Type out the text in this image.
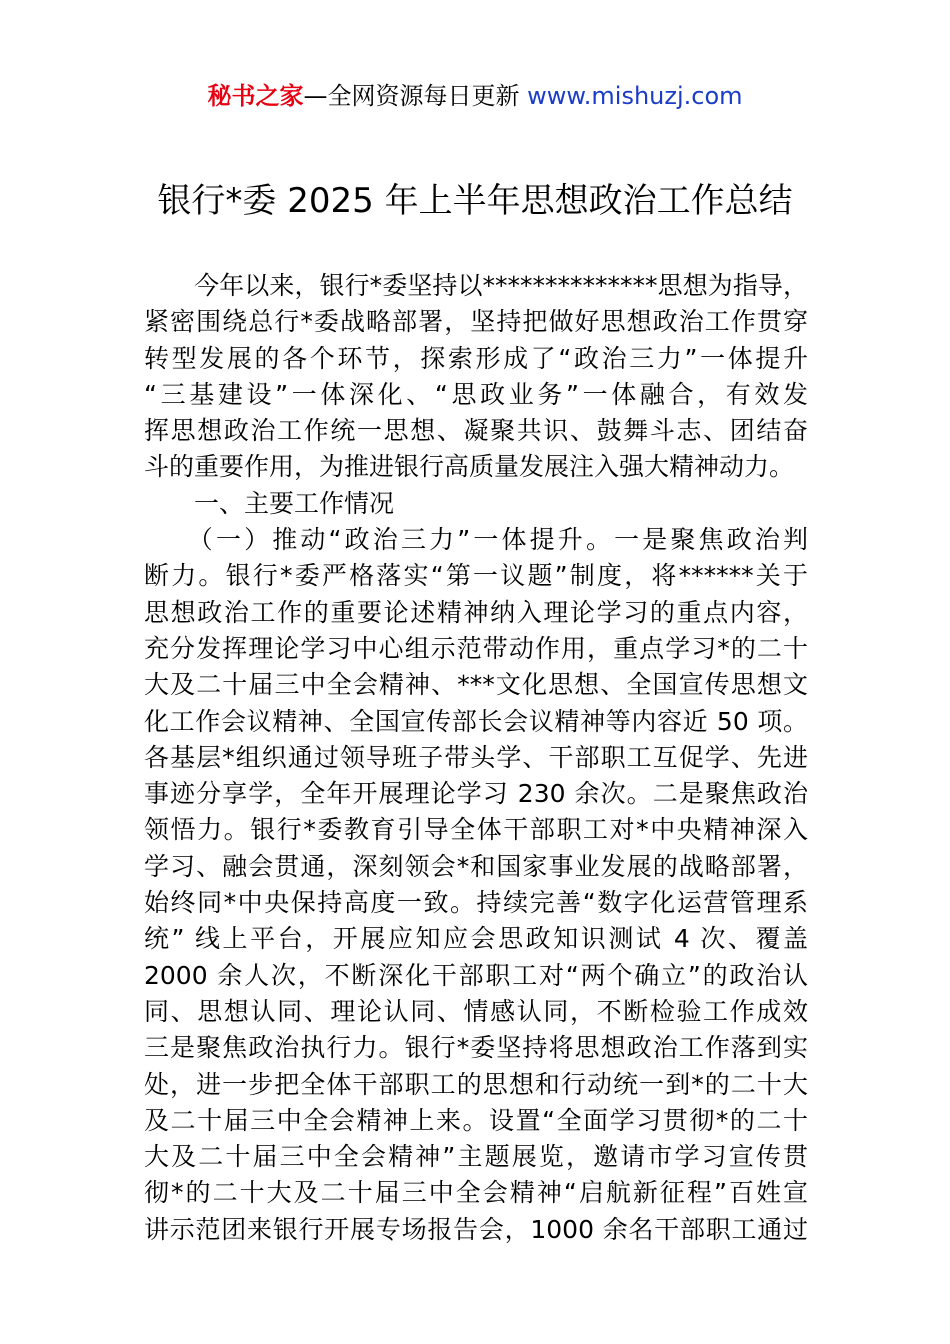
秘书之家—全网资源每日更新 www.mishuzj.com
银行*委 2025 年上半年思想政治工作总结
　　今年以来，银行*委坚持以**************思想为指导，
紧密围绕总行*委战略部署，坚持把做好思想政治工作贯穿
转型发展的各个环节，探索形成了“政治三力”一体提升
“三基建设”一体深化、“思政业务”一体融合，有效发
挥思想政治工作统一思想、凝聚共识、鼓舞斗志、团结奋
斗的重要作用，为推进银行高质量发展注入强大精神动力。
　　一、主要工作情况
　　（一）推动“政治三力”一体提升。一是聚焦政治判
断力。银行*委严格落实“第一议题”制度，将******关于
思想政治工作的重要论述精神纳入理论学习的重点内容，
充分发挥理论学习中心组示范带动作用，重点学习*的二十
大及二十届三中全会精神、***文化思想、全国宣传思想文
化工作会议精神、全国宣传部长会议精神等内容近 50 项。
各基层*组织通过领导班子带头学、干部职工互促学、先进
事迹分享学，全年开展理论学习 230 余次。二是聚焦政治
领悟力。银行*委教育引导全体干部职工对*中央精神深入
学习、融会贯通，深刻领会*和国家事业发展的战略部署，
始终同*中央保持高度一致。持续完善“数字化运营管理系
统” 线上平台，开展应知应会思政知识测试 4 次、覆盖
2000 余人次，不断深化干部职工对“两个确立”的政治认
同、思想认同、理论认同、情感认同，不断检验工作成效
三是聚焦政治执行力。银行*委坚持将思想政治工作落到实
处，进一步把全体干部职工的思想和行动统一到*的二十大
及二十届三中全会精神上来。设置“全面学习贯彻*的二十
大及二十届三中全会精神”主题展览，邀请市学习宣传贯
彻*的二十大及二十届三中全会精神“启航新征程”百姓宣
讲示范团来银行开展专场报告会，1000 余名干部职工通过
